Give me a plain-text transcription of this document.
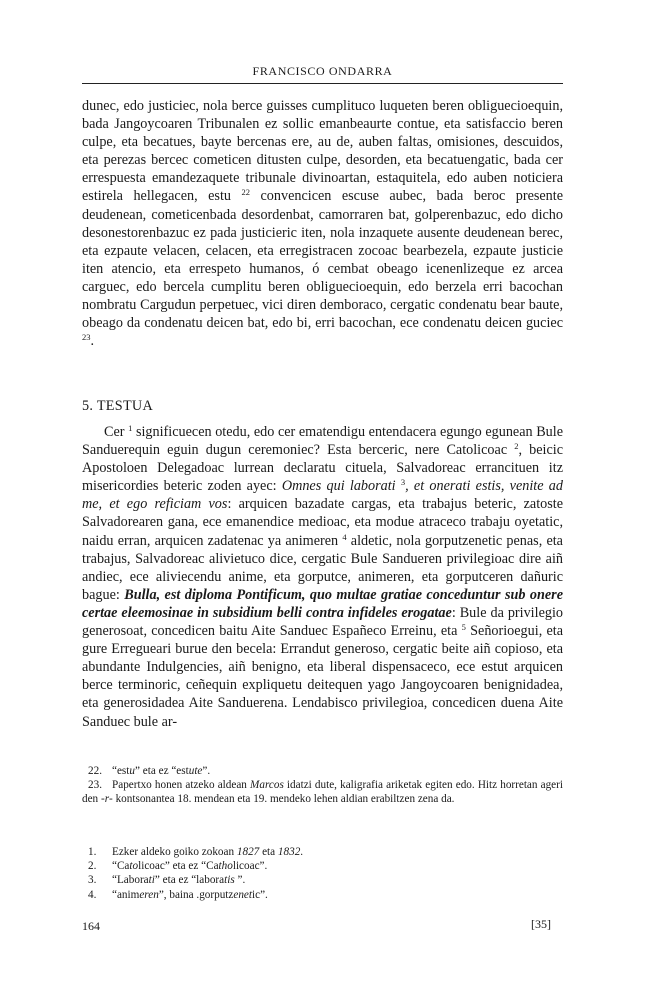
FRANCISCO ONDARRA
dunec, edo justiciec, nola berce guisses cumplituco luqueten beren obliguecioequin, bada Jangoycoaren Tribunalen ez sollic emanbeaurte contue, eta satisfaccio beren culpe, eta becatues, bayte bercenas ere, au de, auben faltas, omisiones, descuidos, eta perezas bercec cometicen ditusten culpe, desorden, eta becatuengatic, bada cer errespuesta emandezaquete tribunale divinoartan, estaquitela, edo auben noticiera estirela hellegacen, estu $^{22}$ convencicen escuse aubec, bada beroc presente deudenean, cometicenbada desordenbat, camorraren bat, golperenbazuc, edo dicho desonestorenbazuc ez pada justicieric iten, nola inzaquete ausente deudenean berec, eta ezpaute velacen, celacen, eta erregistracen zocoac bearbezela, ezpaute justicie iten atencio, eta errespeto humanos, ó cembat obeago icenenlizeque ez arcea carguec, edo bercela cumplitu beren obliguecioequin, edo berzela erri bacochan nombratu Cargudun perpetuec, vici diren demboraco, cergatic condenatu bear baute, obeago da condenatu deicen bat, edo bi, erri bacochan, ece condenatu deicen guciec $^{23}$.
5. TESTUA
Cer $^1$ significuecen otedu, edo cer ematendigu entendacera egungo egunean Bule Sanduerequin eguin dugun ceremoniec? Esta berceric, nere Catolicoac $^2$, beicic Apostoloen Delegadoac lurrean declaratu cituela, Salvadoreac errancituen itz misericordies beteric zoden ayec: Omnes qui laborati $^3$, et onerati estis, venite ad me, et ego reficiam vos: arquicen bazadate cargas, eta trabajus beteric, zatoste Salvadorearen gana, ece emanendice medioac, eta modue atraceco trabaju oyetatic, naidu erran, arquicen zadatenac ya animeren $^4$ aldetic, nola gorputzenetic penas, eta trabajus, Salvadoreac alivietuco dice, cergatic Bule Sandueren privilegioac dire aiñ andiec, ece aliviecendu anime, eta gorputce, animeren, eta gorputceren dañuric bague: Bulla, est diploma Pontificum, quo multae gratiae conceduntur sub onere certae eleemosinae in subsidium belli contra infideles erogatae: Bule da privilegio generosoat, concedicen baitu Aite Sanduec Españeco Erreinu, eta $^5$ Señorioegui, eta gure Erregueari burue den becela: Errandut generoso, cergatic beite aiñ copioso, eta abundante Indulgencies, aiñ benigno, eta liberal dispensaceco, ece estut arquicen berce terminoric, ceñequin expliquetu deitequen yago Jangoycoaren benignidadea, eta generosidadea Aite Sanduerena. Lendabisco privilegioa, concedicen duena Aite Sanduec bule ar-
22. “estu” eta ez “estute”.
23. Papertxo honen atzeko aldean Marcos idatzi dute, kaligrafia ariketak egiten edo. Hitz horretan ageri den -r- kontsonantea 18. mendean eta 19. mendeko lehen aldian erabiltzen zena da.
1. Ezker aldeko goiko zokoan 1827 eta 1832.
2. “Catolicoac” eta ez “Catholicoac”.
3. “Laborati” eta ez “laboratis ”.
4. “animeren”, baina .gorputzenetic”.
164	[35]
